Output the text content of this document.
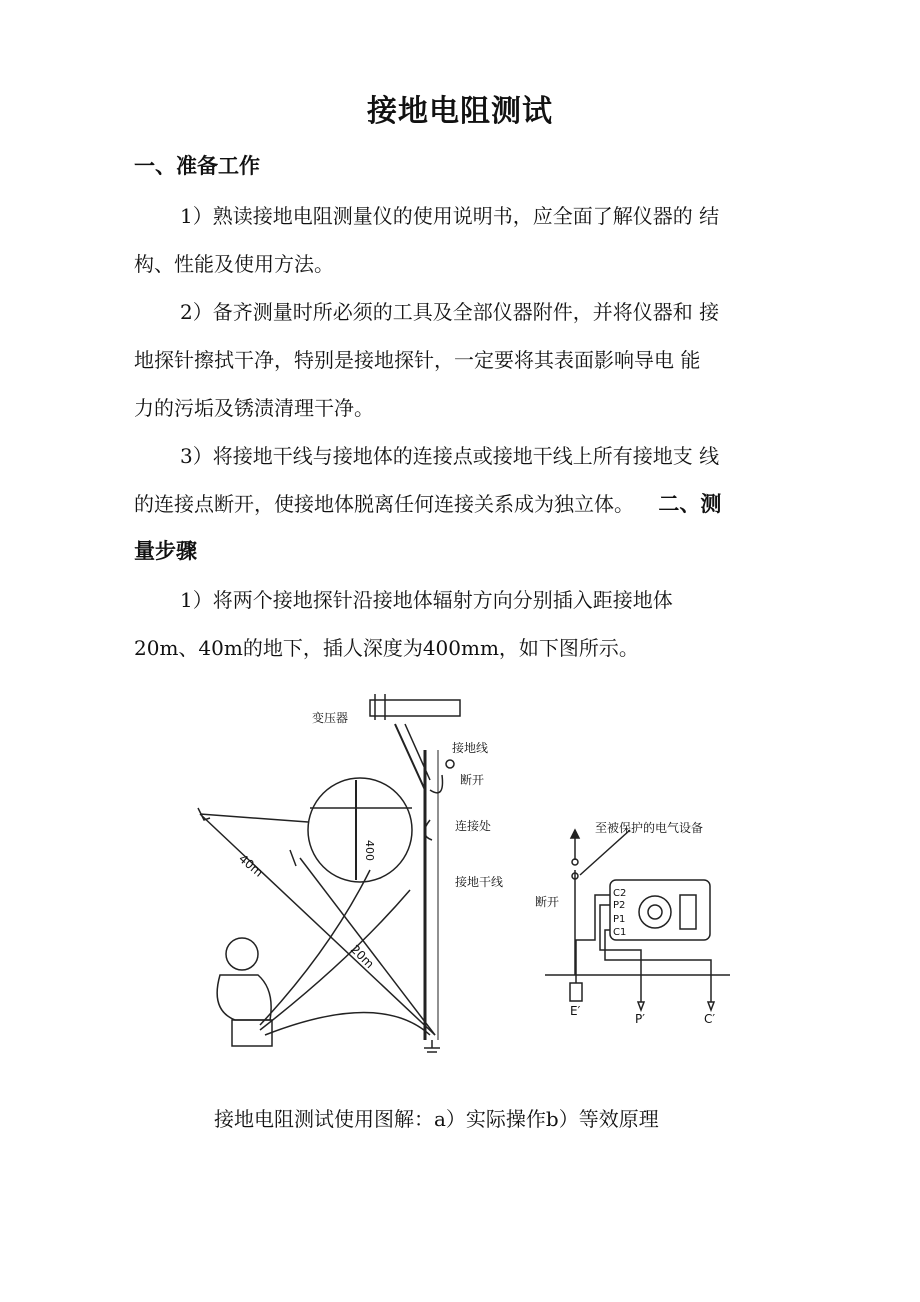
接地电阻测试
一、准备工作
1）熟读接地电阻测量仪的使用说明书，应全面了解仪器的 结
构、性能及使用方法。
2）备齐测量时所必须的工具及全部仪器附件，并将仪器和 接
地探针擦拭干净，特别是接地探针，一定要将其表面影响导电 能
力的污垢及锈渍清理干净。
3）将接地干线与接地体的连接点或接地干线上所有接地支 线
的连接点断开，使接地体脱离任何连接关系成为独立体。 二、测
量步骤
1）将两个接地探针沿接地体辐射方向分别插入距接地体
20m、40m的地下，插人深度为400mm，如下图所示。
变压器
接地线
断开
连接处
接地干线
40m
20m
400
至被保护的电气设备
断开
C2
P2
P1
C1
E′
P′	C′
接地电阻测试使用图解：a）实际操作b）等效原理
